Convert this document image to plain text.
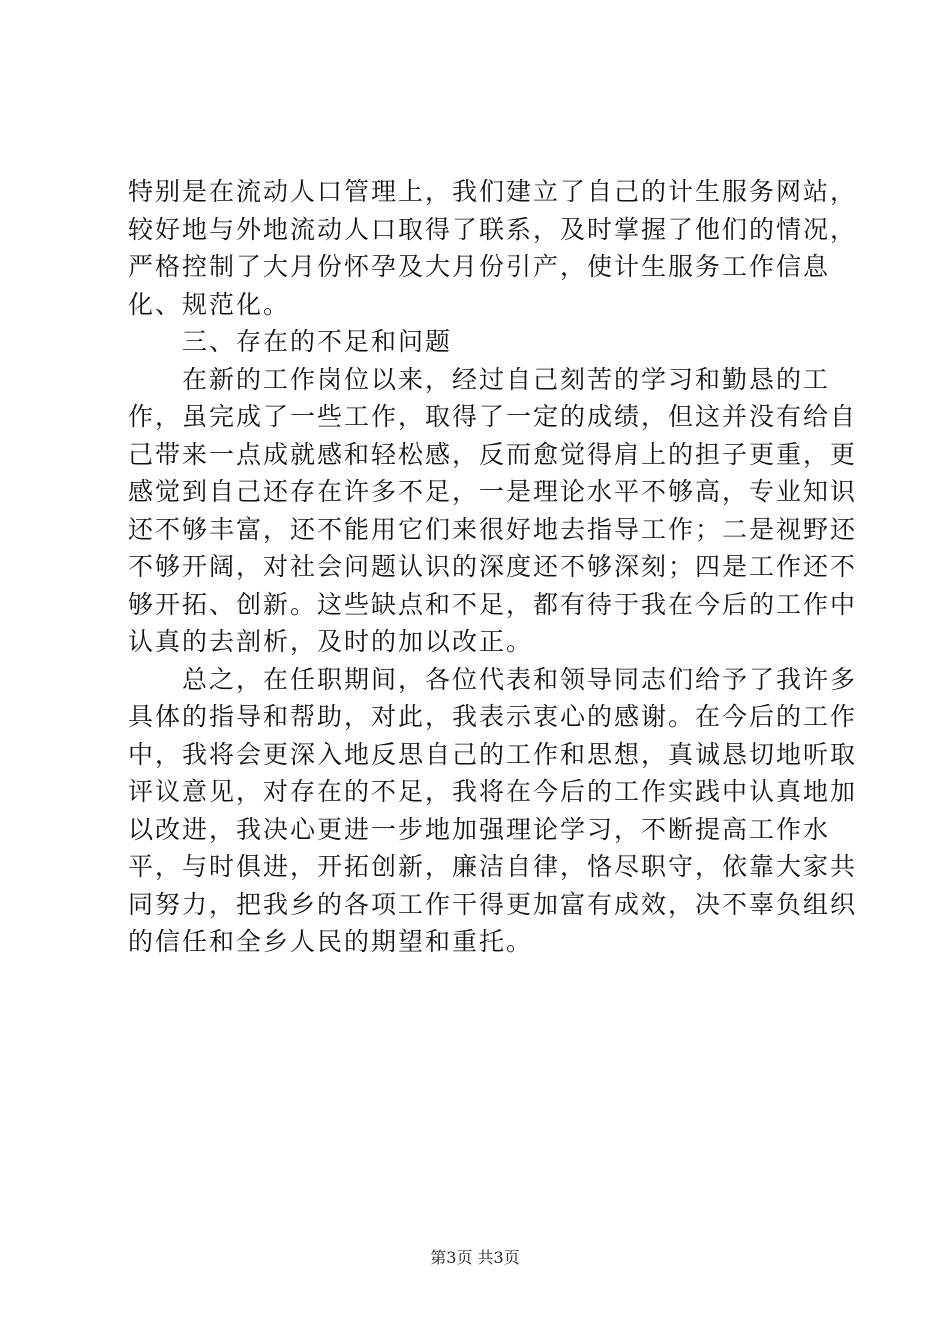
特别是在流动人口管理上，我们建立了自己的计生服务网站，较好地与外地流动人口取得了联系，及时掌握了他们的情况，严格控制了大月份怀孕及大月份引产，使计生服务工作信息化、规范化。

三、存在的不足和问题

在新的工作岗位以来，经过自己刻苦的学习和勤恳的工作，虽完成了一些工作，取得了一定的成绩，但这并没有给自己带来一点成就感和轻松感，反而愈觉得肩上的担子更重，更感觉到自己还存在许多不足，一是理论水平不够高，专业知识还不够丰富，还不能用它们来很好地去指导工作；二是视野还不够开阔，对社会问题认识的深度还不够深刻；四是工作还不够开拓、创新。这些缺点和不足，都有待于我在今后的工作中认真的去剖析，及时的加以改正。

总之，在任职期间，各位代表和领导同志们给予了我许多具体的指导和帮助，对此，我表示衷心的感谢。在今后的工作中，我将会更深入地反思自己的工作和思想，真诚恳切地听取评议意见，对存在的不足，我将在今后的工作实践中认真地加以改进，我决心更进一步地加强理论学习，不断提高工作水平，与时俱进，开拓创新，廉洁自律，恪尽职守，依靠大家共同努力，把我乡的各项工作干得更加富有成效，决不辜负组织的信任和全乡人民的期望和重托。

第3页 共3页
